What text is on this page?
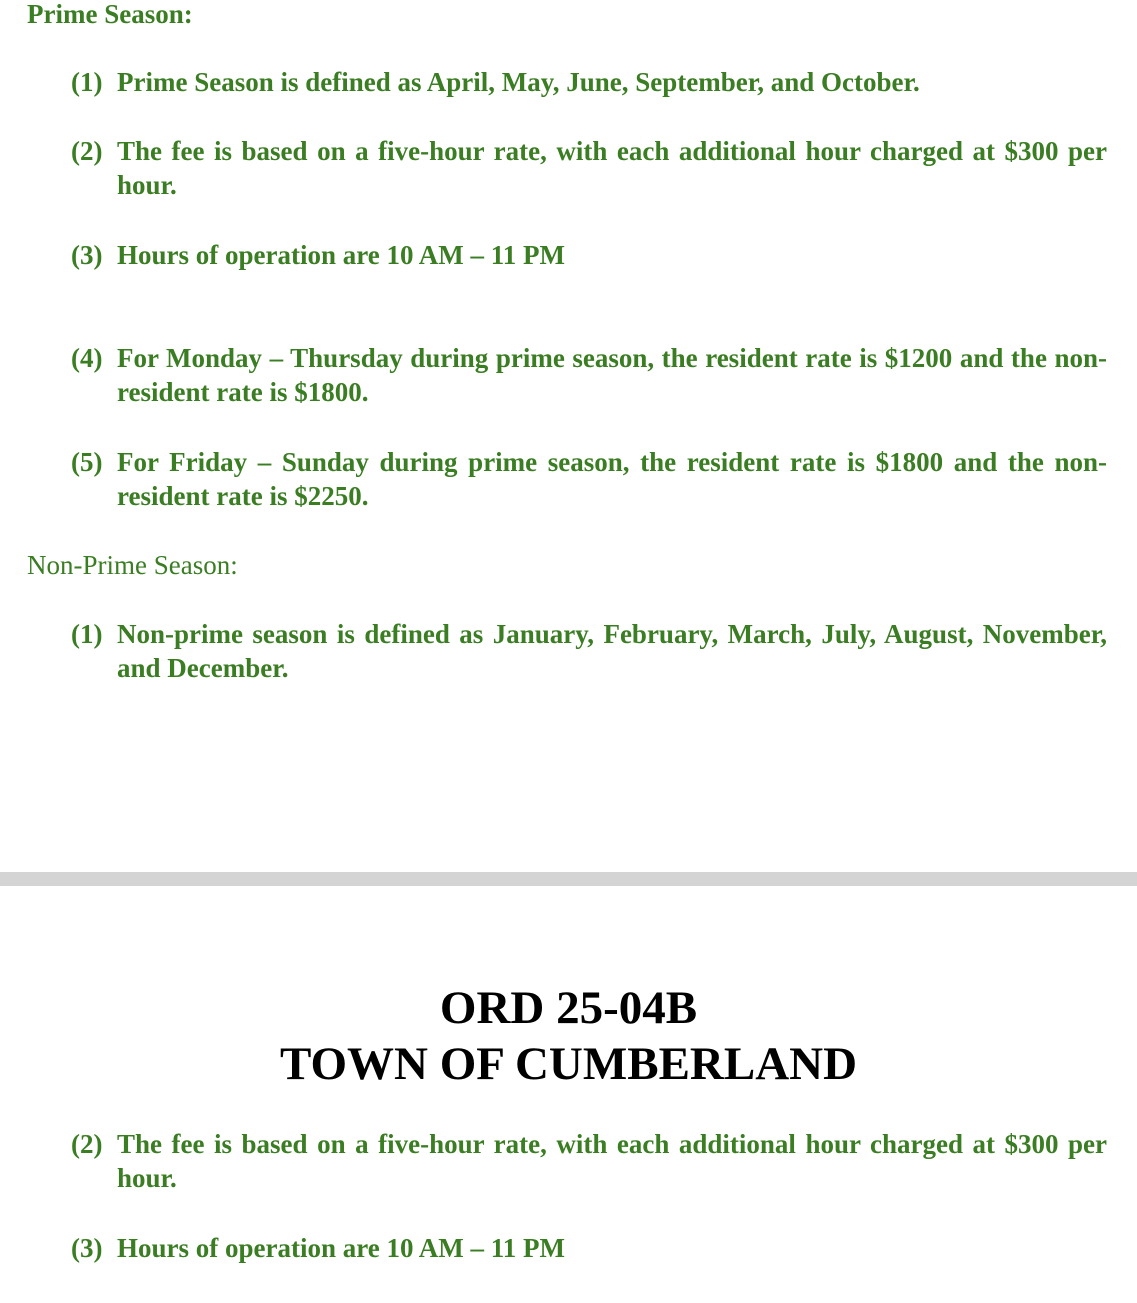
Prime Season:
(1) Prime Season is defined as April, May, June, September, and October.
(2) The fee is based on a five-hour rate, with each additional hour charged at $300 per hour.
(3) Hours of operation are 10 AM – 11 PM
(4) For Monday – Thursday during prime season, the resident rate is $1200 and the non-resident rate is $1800.
(5) For Friday – Sunday during prime season, the resident rate is $1800 and the non-resident rate is $2250.
Non-Prime Season:
(1) Non-prime season is defined as January, February, March, July, August, November, and December.
ORD 25-04B
TOWN OF CUMBERLAND
(2) The fee is based on a five-hour rate, with each additional hour charged at $300 per hour.
(3) Hours of operation are 10 AM – 11 PM
